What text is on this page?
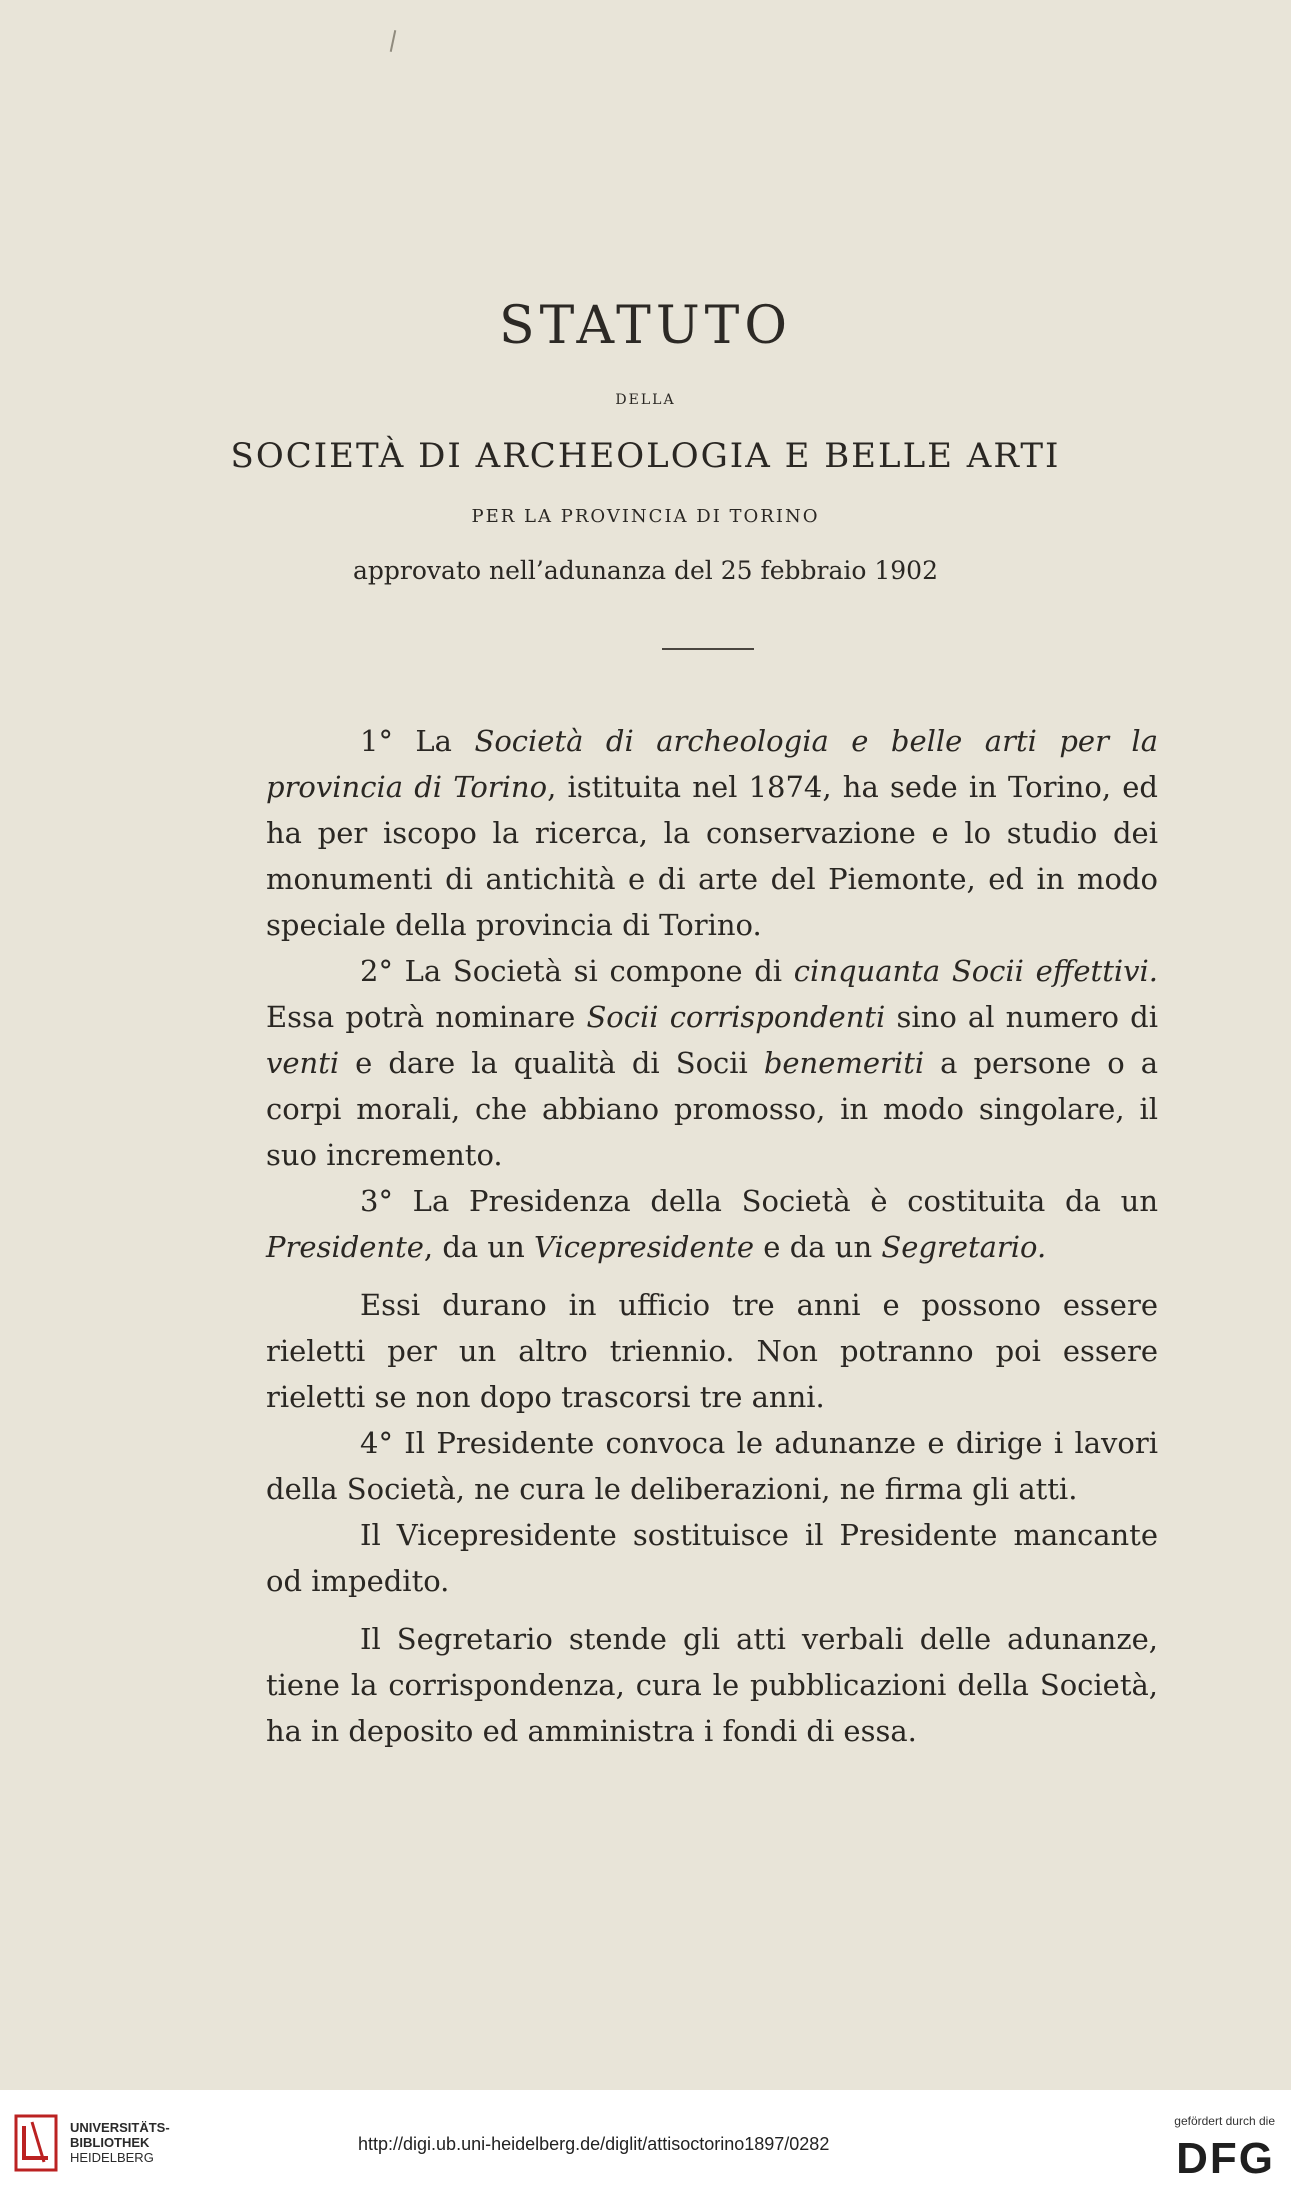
STATUTO
DELLA
SOCIETÀ DI ARCHEOLOGIA E BELLE ARTI
PER LA PROVINCIA DI TORINO
approvato nell’adunanza del 25 febbraio 1902

1° La Società di archeologia e belle arti per la provincia di Torino, istituita nel 1874, ha sede in Torino, ed ha per iscopo la ricerca, la conservazione e lo studio dei monumenti di antichità e di arte del Piemonte, ed in modo speciale della provincia di Torino.

2° La Società si compone di cinquanta Socii effettivi. Essa potrà nominare Socii corrispondenti sino al numero di venti e dare la qualità di Socii benemeriti a persone o a corpi morali, che abbiano promosso, in modo singolare, il suo incremento.

3° La Presidenza della Società è costituita da un Presidente, da un Vicepresidente e da un Segretario.

Essi durano in ufficio tre anni e possono essere rieletti per un altro triennio. Non potranno poi essere rieletti se non dopo trascorsi tre anni.

4° Il Presidente convoca le adunanze e dirige i lavori della Società, ne cura le deliberazioni, ne firma gli atti.

Il Vicepresidente sostituisce il Presidente mancante od impedito.

Il Segretario stende gli atti verbali delle adunanze, tiene la corrispondenza, cura le pubblicazioni della Società, ha in deposito ed amministra i fondi di essa.

UNIVERSITÄTS-
BIBLIOTHEK
HEIDELBERG
http://digi.ub.uni-heidelberg.de/diglit/attisoctorino1897/0282
gefördert durch die
DFG
